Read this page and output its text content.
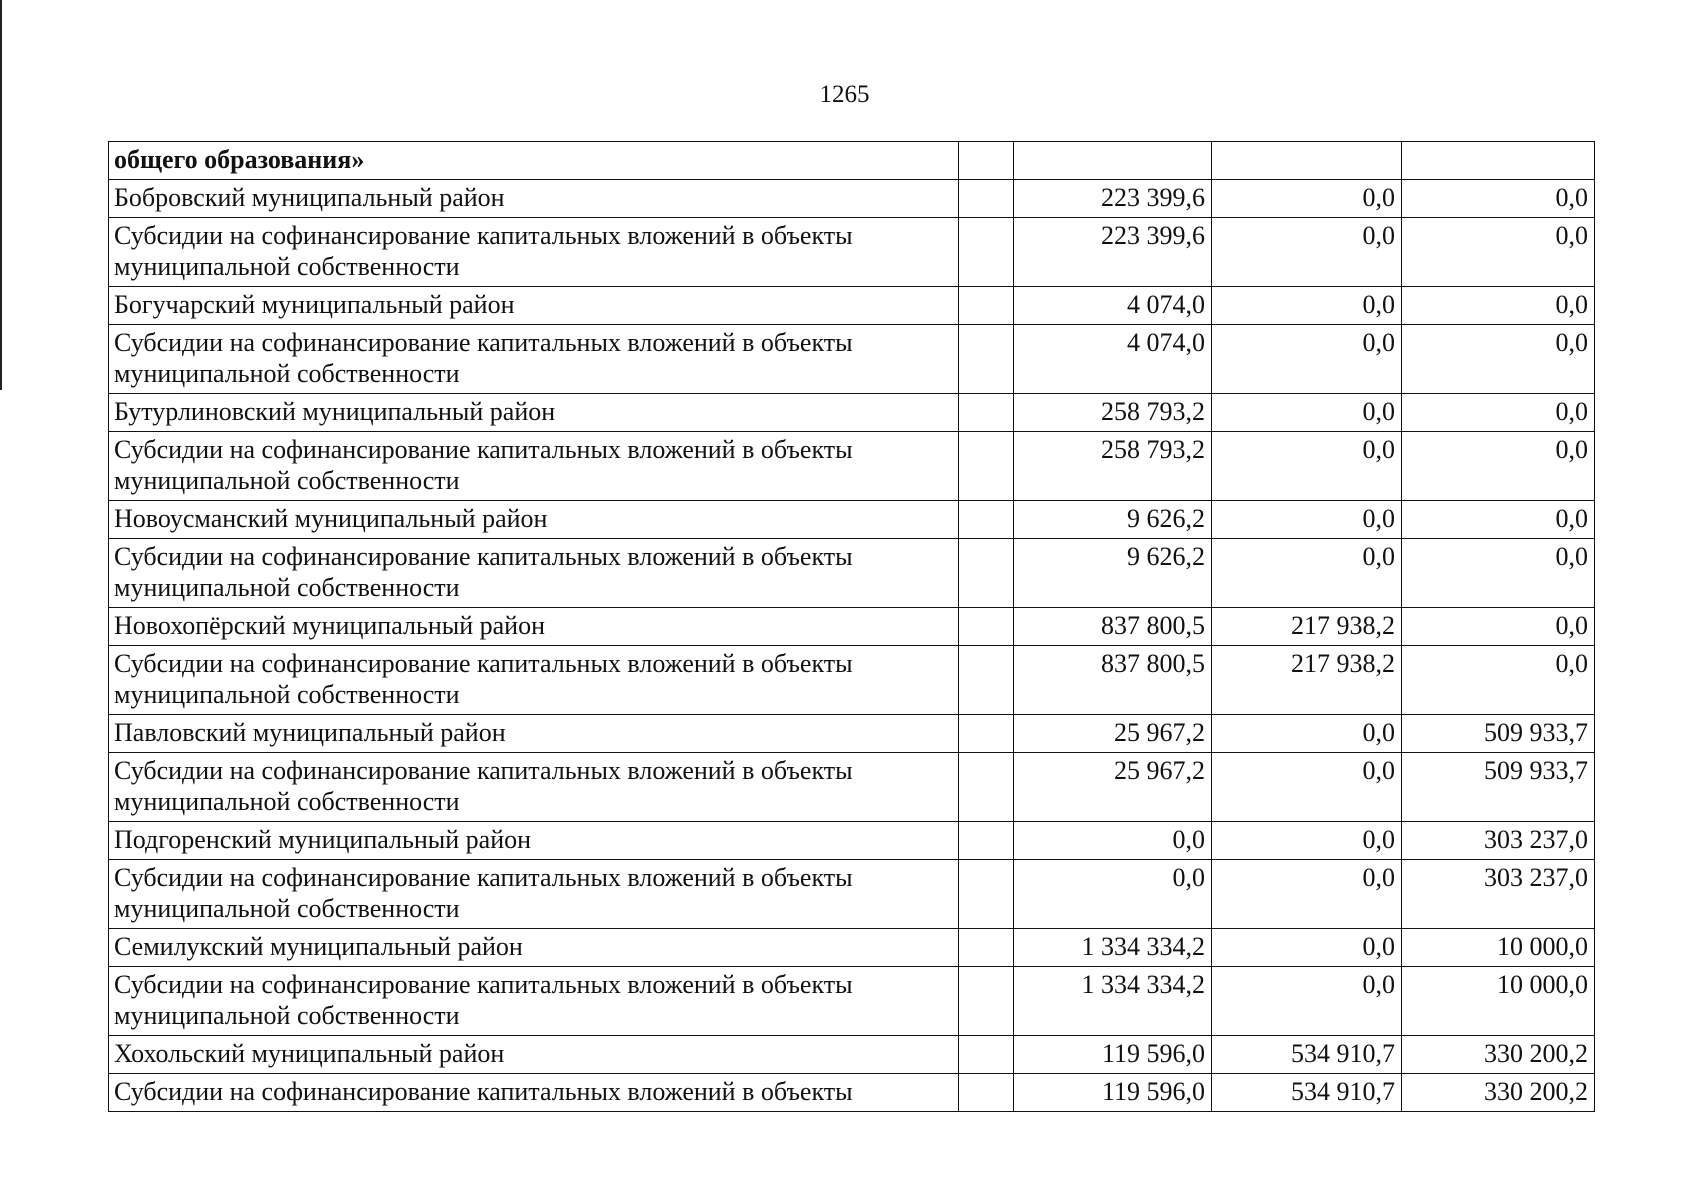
1265
общего образования»				
Бобровский муниципальный район		223 399,6	0,0	0,0
Субсидии на софинансирование капитальных вложений в объекты муниципальной собственности		223 399,6	0,0	0,0
Богучарский муниципальный район		4 074,0	0,0	0,0
Субсидии на софинансирование капитальных вложений в объекты муниципальной собственности		4 074,0	0,0	0,0
Бутурлиновский муниципальный район		258 793,2	0,0	0,0
Субсидии на софинансирование капитальных вложений в объекты муниципальной собственности		258 793,2	0,0	0,0
Новоусманский муниципальный район		9 626,2	0,0	0,0
Субсидии на софинансирование капитальных вложений в объекты муниципальной собственности		9 626,2	0,0	0,0
Новохопёрский муниципальный район		837 800,5	217 938,2	0,0
Субсидии на софинансирование капитальных вложений в объекты муниципальной собственности		837 800,5	217 938,2	0,0
Павловский муниципальный район		25 967,2	0,0	509 933,7
Субсидии на софинансирование капитальных вложений в объекты муниципальной собственности		25 967,2	0,0	509 933,7
Подгоренский муниципальный район		0,0	0,0	303 237,0
Субсидии на софинансирование капитальных вложений в объекты муниципальной собственности		0,0	0,0	303 237,0
Семилукский муниципальный район		1 334 334,2	0,0	10 000,0
Субсидии на софинансирование капитальных вложений в объекты муниципальной собственности		1 334 334,2	0,0	10 000,0
Хохольский муниципальный район		119 596,0	534 910,7	330 200,2
Субсидии на софинансирование капитальных вложений в объекты		119 596,0	534 910,7	330 200,2
